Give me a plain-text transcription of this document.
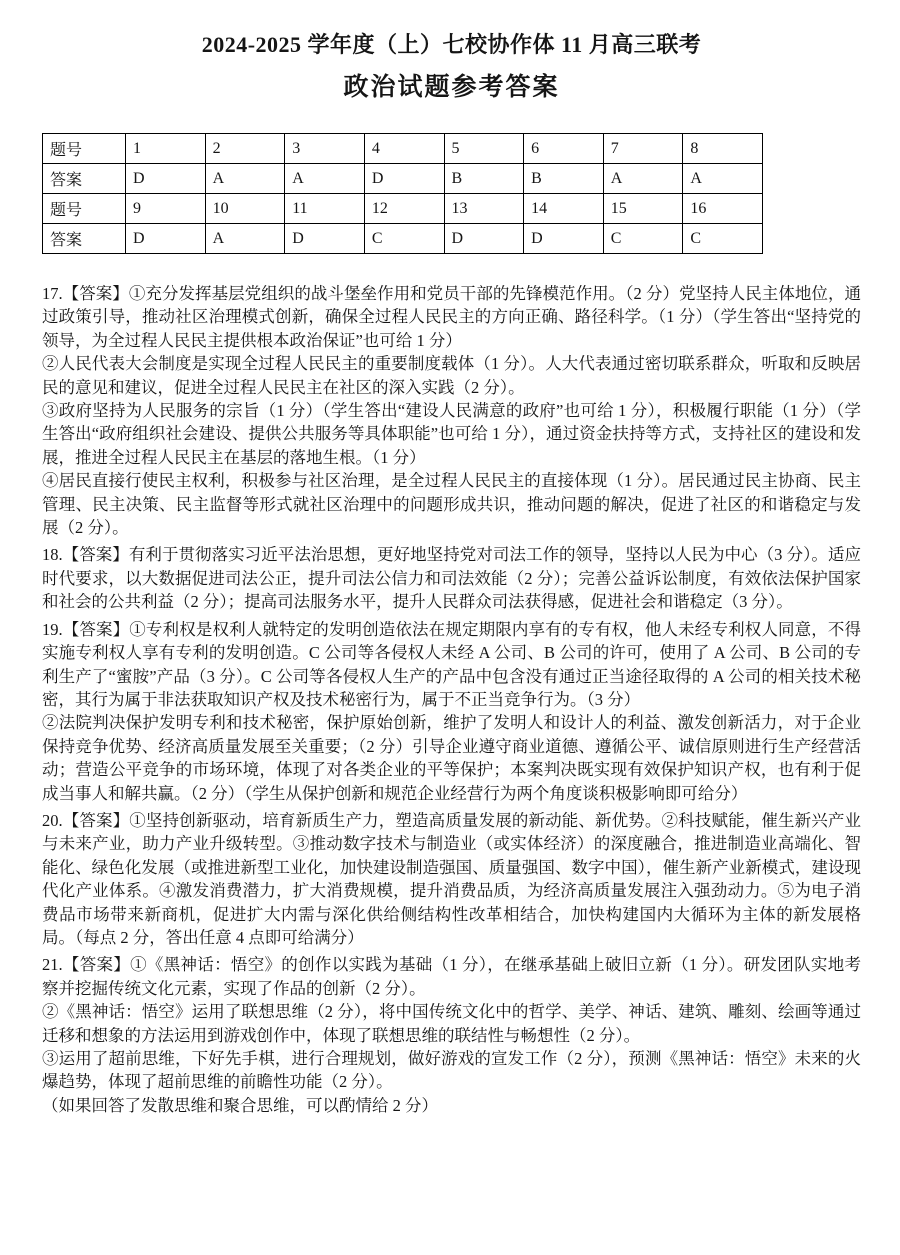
2024-2025 学年度（上）七校协作体 11 月高三联考
政治试题参考答案
题号	1	2	3	4	5	6	7	8
答案	D	A	A	D	B	B	A	A
题号	9	10	11	12	13	14	15	16
答案	D	A	D	C	D	D	C	C

17.【答案】①充分发挥基层党组织的战斗堡垒作用和党员干部的先锋模范作用。（2 分）党坚持人民主体地位，通过政策引导，推动社区治理模式创新，确保全过程人民民主的方向正确、路径科学。（1 分）（学生答出“坚持党的领导，为全过程人民民主提供根本政治保证”也可给 1 分）

②人民代表大会制度是实现全过程人民民主的重要制度载体（1 分）。人大代表通过密切联系群众，听取和反映居民的意见和建议，促进全过程人民民主在社区的深入实践（2 分）。

③政府坚持为人民服务的宗旨（1 分）（学生答出“建设人民满意的政府”也可给 1 分），积极履行职能（1 分）（学生答出“政府组织社会建设、提供公共服务等具体职能”也可给 1 分），通过资金扶持等方式，支持社区的建设和发展，推进全过程人民民主在基层的落地生根。（1 分）

④居民直接行使民主权利，积极参与社区治理，是全过程人民民主的直接体现（1 分）。居民通过民主协商、民主管理、民主决策、民主监督等形式就社区治理中的问题形成共识，推动问题的解决，促进了社区的和谐稳定与发展（2 分）。

18.【答案】有利于贯彻落实习近平法治思想，更好地坚持党对司法工作的领导，坚持以人民为中心（3 分）。适应时代要求，以大数据促进司法公正，提升司法公信力和司法效能（2 分）；完善公益诉讼制度，有效依法保护国家和社会的公共利益（2 分）；提高司法服务水平，提升人民群众司法获得感，促进社会和谐稳定（3 分）。

19.【答案】①专利权是权利人就特定的发明创造依法在规定期限内享有的专有权，他人未经专利权人同意，不得实施专利权人享有专利的发明创造。C 公司等各侵权人未经 A 公司、B 公司的许可，使用了 A 公司、B 公司的专利生产了“蜜胺”产品（3 分）。C 公司等各侵权人生产的产品中包含没有通过正当途径取得的 A 公司的相关技术秘密，其行为属于非法获取知识产权及技术秘密行为，属于不正当竞争行为。（3 分）

②法院判决保护发明专利和技术秘密，保护原始创新，维护了发明人和设计人的利益、激发创新活力，对于企业保持竞争优势、经济高质量发展至关重要；（2 分）引导企业遵守商业道德、遵循公平、诚信原则进行生产经营活动；营造公平竞争的市场环境，体现了对各类企业的平等保护；本案判决既实现有效保护知识产权，也有利于促成当事人和解共赢。（2 分）（学生从保护创新和规范企业经营行为两个角度谈积极影响即可给分）

20.【答案】①坚持创新驱动，培育新质生产力，塑造高质量发展的新动能、新优势。②科技赋能，催生新兴产业与未来产业，助力产业升级转型。③推动数字技术与制造业（或实体经济）的深度融合，推进制造业高端化、智能化、绿色化发展（或推进新型工业化，加快建设制造强国、质量强国、数字中国），催生新产业新模式，建设现代化产业体系。④激发消费潜力，扩大消费规模，提升消费品质，为经济高质量发展注入强劲动力。⑤为电子消费品市场带来新商机，促进扩大内需与深化供给侧结构性改革相结合，加快构建国内大循环为主体的新发展格局。（每点 2 分，答出任意 4 点即可给满分）

21.【答案】①《黑神话：悟空》的创作以实践为基础（1 分），在继承基础上破旧立新（1 分）。研发团队实地考察并挖掘传统文化元素，实现了作品的创新（2 分）。

②《黑神话：悟空》运用了联想思维（2 分），将中国传统文化中的哲学、美学、神话、建筑、雕刻、绘画等通过迁移和想象的方法运用到游戏创作中，体现了联想思维的联结性与畅想性（2 分）。

③运用了超前思维，下好先手棋，进行合理规划，做好游戏的宣发工作（2 分），预测《黑神话：悟空》未来的火爆趋势，体现了超前思维的前瞻性功能（2 分）。

（如果回答了发散思维和聚合思维，可以酌情给 2 分）
